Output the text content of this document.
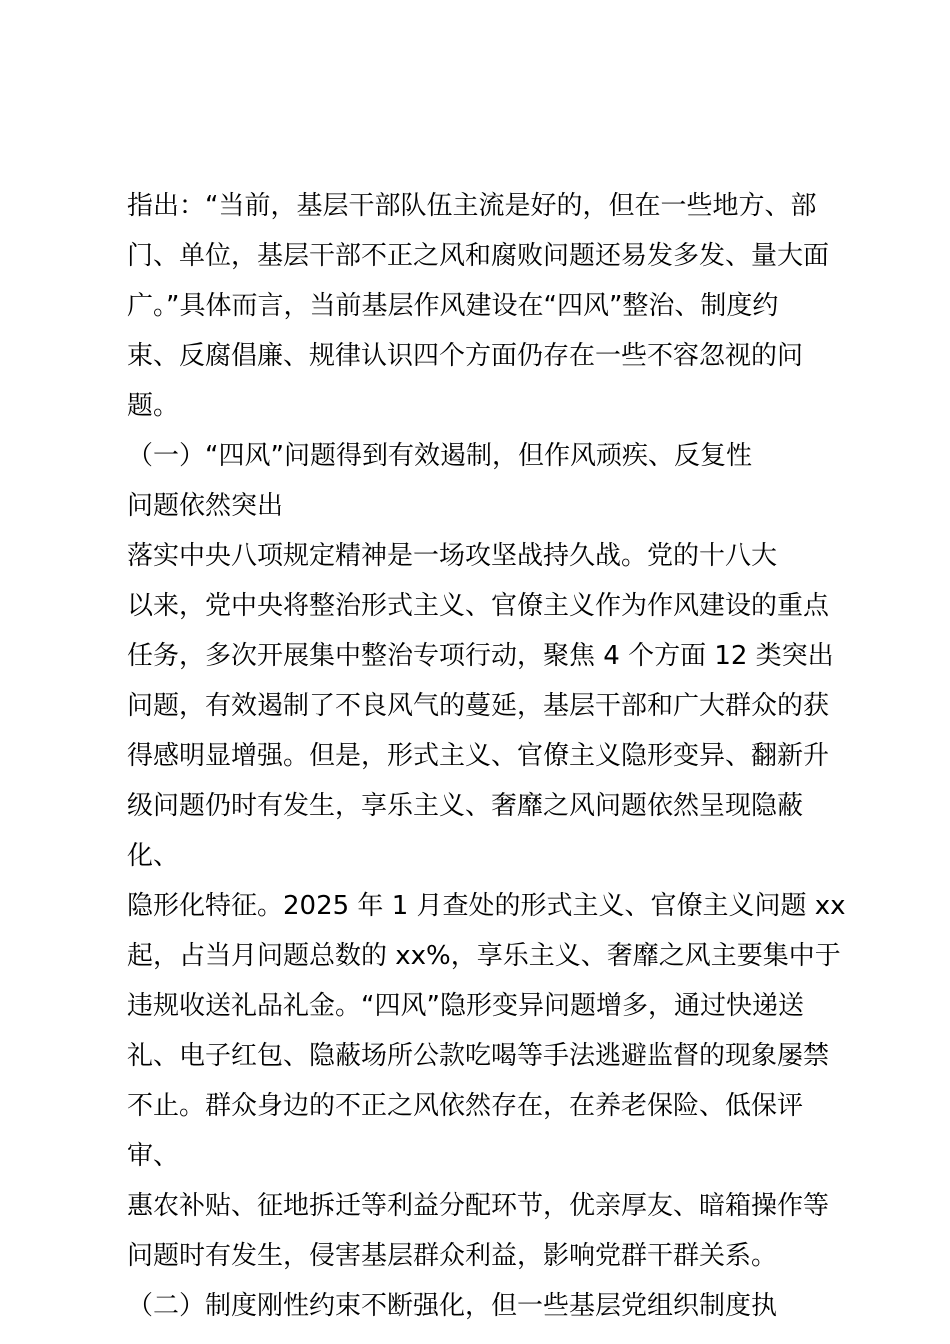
指出：“当前，基层干部队伍主流是好的，但在一些地方、部
门、单位，基层干部不正之风和腐败问题还易发多发、量大面
广。”具体而言，当前基层作风建设在“四风”整治、制度约
束、反腐倡廉、规律认识四个方面仍存在一些不容忽视的问题。

（一）“四风”问题得到有效遏制，但作风顽疾、反复性
问题依然突出

落实中央八项规定精神是一场攻坚战持久战。党的十八大
以来，党中央将整治形式主义、官僚主义作为作风建设的重点
任务，多次开展集中整治专项行动，聚焦 4 个方面 12 类突出
问题，有效遏制了不良风气的蔓延，基层干部和广大群众的获
得感明显增强。但是，形式主义、官僚主义隐形变异、翻新升
级问题仍时有发生，享乐主义、奢靡之风问题依然呈现隐蔽化、
隐形化特征。2025 年 1 月查处的形式主义、官僚主义问题 xx
起，占当月问题总数的 xx%，享乐主义、奢靡之风主要集中于
违规收送礼品礼金。“四风”隐形变异问题增多，通过快递送
礼、电子红包、隐蔽场所公款吃喝等手法逃避监督的现象屡禁
不止。群众身边的不正之风依然存在，在养老保险、低保评审、
惠农补贴、征地拆迁等利益分配环节，优亲厚友、暗箱操作等
问题时有发生，侵害基层群众利益，影响党群干群关系。

（二）制度刚性约束不断强化，但一些基层党组织制度执
